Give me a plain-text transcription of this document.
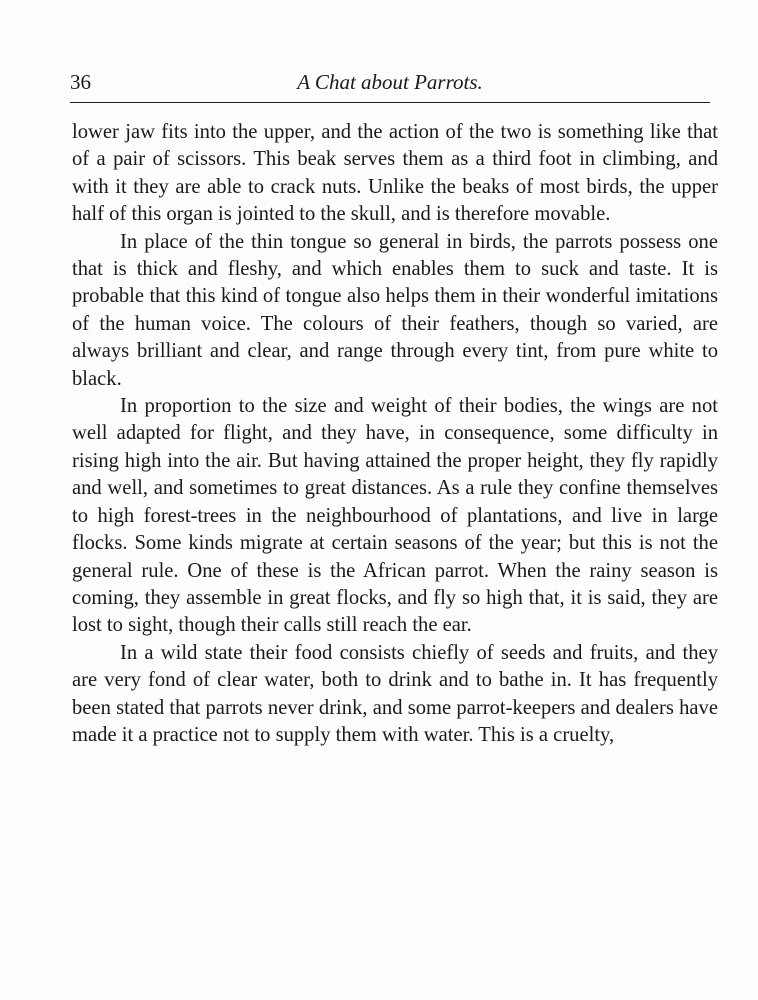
36	A Chat about Parrots.

lower jaw fits into the upper, and the action of the two is something like that of a pair of scissors. This beak serves them as a third foot in climbing, and with it they are able to crack nuts. Unlike the beaks of most birds, the upper half of this organ is jointed to the skull, and is therefore movable.

In place of the thin tongue so general in birds, the parrots possess one that is thick and fleshy, and which enables them to suck and taste. It is probable that this kind of tongue also helps them in their wonderful imitations of the human voice. The colours of their feathers, though so varied, are always brilliant and clear, and range through every tint, from pure white to black.

In proportion to the size and weight of their bodies, the wings are not well adapted for flight, and they have, in consequence, some difficulty in rising high into the air. But having attained the proper height, they fly rapidly and well, and sometimes to great distances. As a rule they confine themselves to high forest-trees in the neighbourhood of plantations, and live in large flocks. Some kinds migrate at certain seasons of the year; but this is not the general rule. One of these is the African parrot. When the rainy season is coming, they assemble in great flocks, and fly so high that, it is said, they are lost to sight, though their calls still reach the ear.

In a wild state their food consists chiefly of seeds and fruits, and they are very fond of clear water, both to drink and to bathe in. It has frequently been stated that parrots never drink, and some parrot-keepers and dealers have made it a practice not to supply them with water. This is a cruelty,
